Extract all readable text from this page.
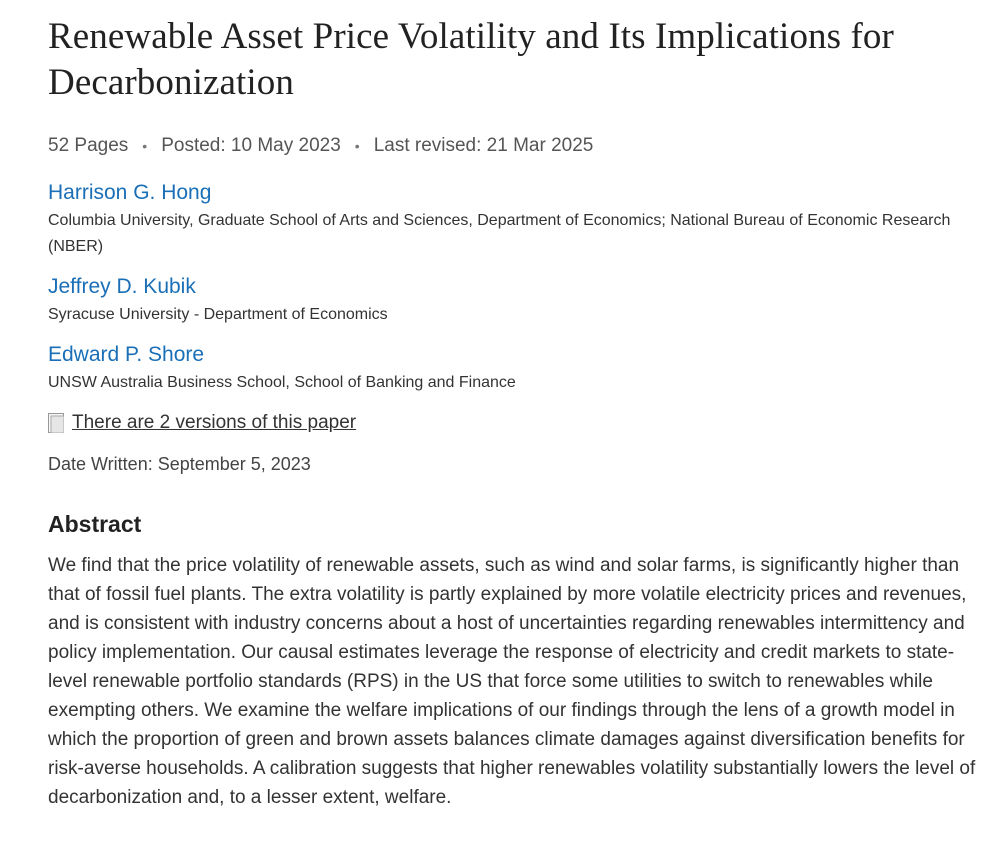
Renewable Asset Price Volatility and Its Implications for Decarbonization
52 Pages • Posted: 10 May 2023 • Last revised: 21 Mar 2025
Harrison G. Hong
Columbia University, Graduate School of Arts and Sciences, Department of Economics; National Bureau of Economic Research (NBER)
Jeffrey D. Kubik
Syracuse University - Department of Economics
Edward P. Shore
UNSW Australia Business School, School of Banking and Finance
There are 2 versions of this paper
Date Written: September 5, 2023
Abstract
We find that the price volatility of renewable assets, such as wind and solar farms, is significantly higher than that of fossil fuel plants. The extra volatility is partly explained by more volatile electricity prices and revenues, and is consistent with industry concerns about a host of uncertainties regarding renewables intermittency and policy implementation. Our causal estimates leverage the response of electricity and credit markets to state-level renewable portfolio standards (RPS) in the US that force some utilities to switch to renewables while exempting others. We examine the welfare implications of our findings through the lens of a growth model in which the proportion of green and brown assets balances climate damages against diversification benefits for risk-averse households. A calibration suggests that higher renewables volatility substantially lowers the level of decarbonization and, to a lesser extent, welfare.
